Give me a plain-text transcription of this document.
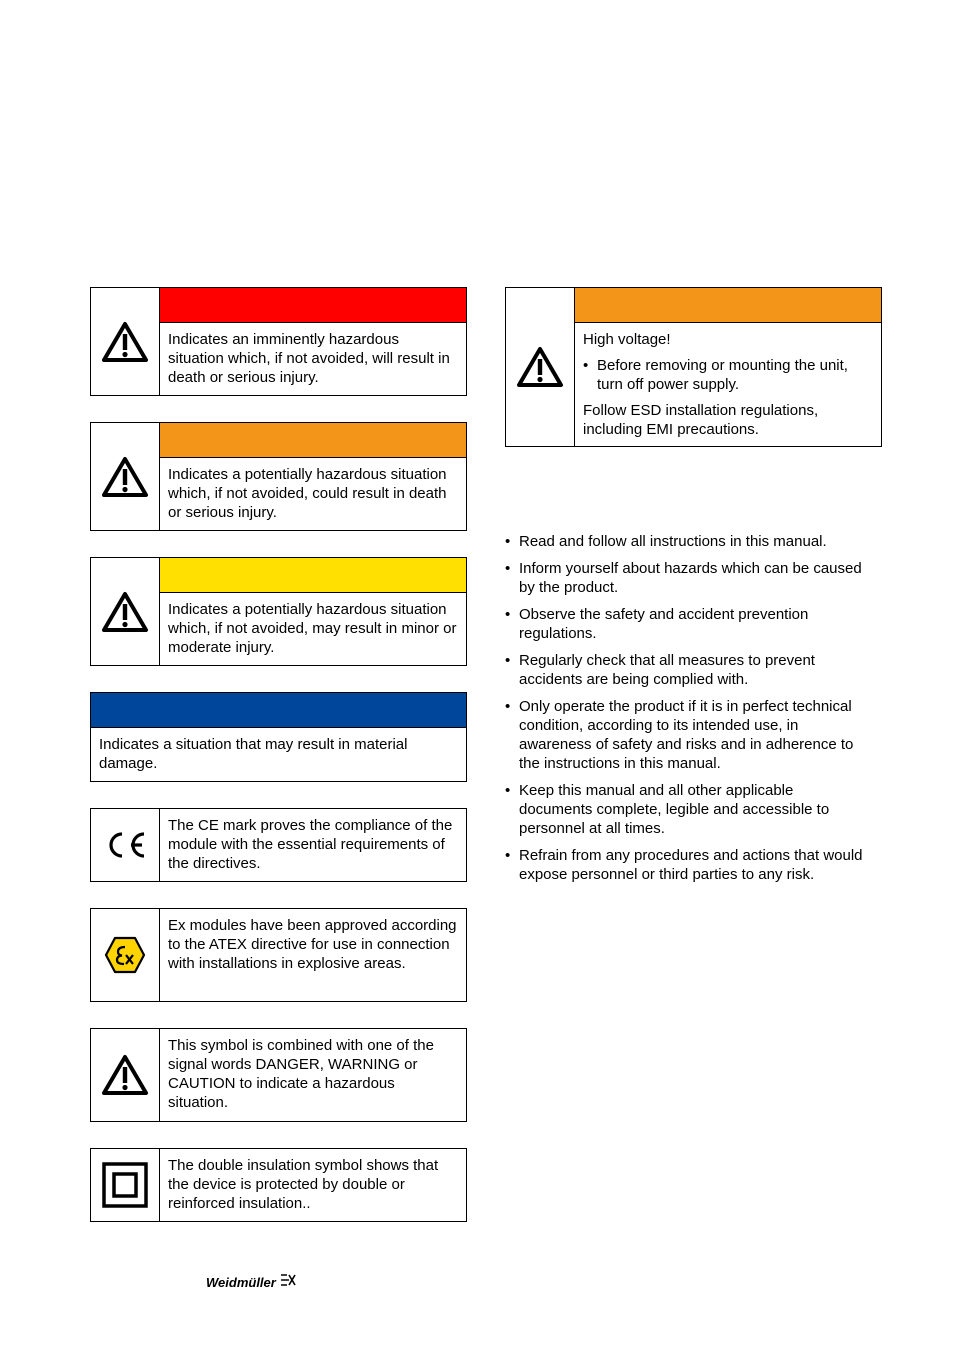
Indicates an imminently hazardous situation which, if not avoided, will result in death or serious injury.
Indicates a potentially hazardous situation which, if not avoided, could result in death or serious injury.
Indicates a potentially hazardous situation which, if not avoided, may result in minor or moderate injury.
Indicates a situation that may result in material damage.
The CE mark proves the compliance of the module with the essential requirements of the directives.
Ex modules have been approved according to the ATEX directive for use in connection with installations in explosive areas.
This symbol is combined with one of the signal words DANGER, WARNING or CAUTION to indicate a hazardous situation.
The double insulation symbol shows that the device is protected by double or reinforced insulation..

High voltage!

• Before removing or mounting the unit, turn off power supply.

Follow ESD installation regulations, including EMI precautions.

• Read and follow all instructions in this manual.
• Inform yourself about hazards which can be caused by the product.
• Observe the safety and accident prevention regulations.
• Regularly check that all measures to prevent accidents are being complied with.
• Only operate the product if it is in perfect technical condition, according to its intended use, in awareness of safety and risks and in adherence to the instructions in this manual.
• Keep this manual and all other applicable documents complete, legible and accessible to personnel at all times.
• Refrain from any procedures and actions that would expose personnel or third parties to any risk.
Weidmüller
